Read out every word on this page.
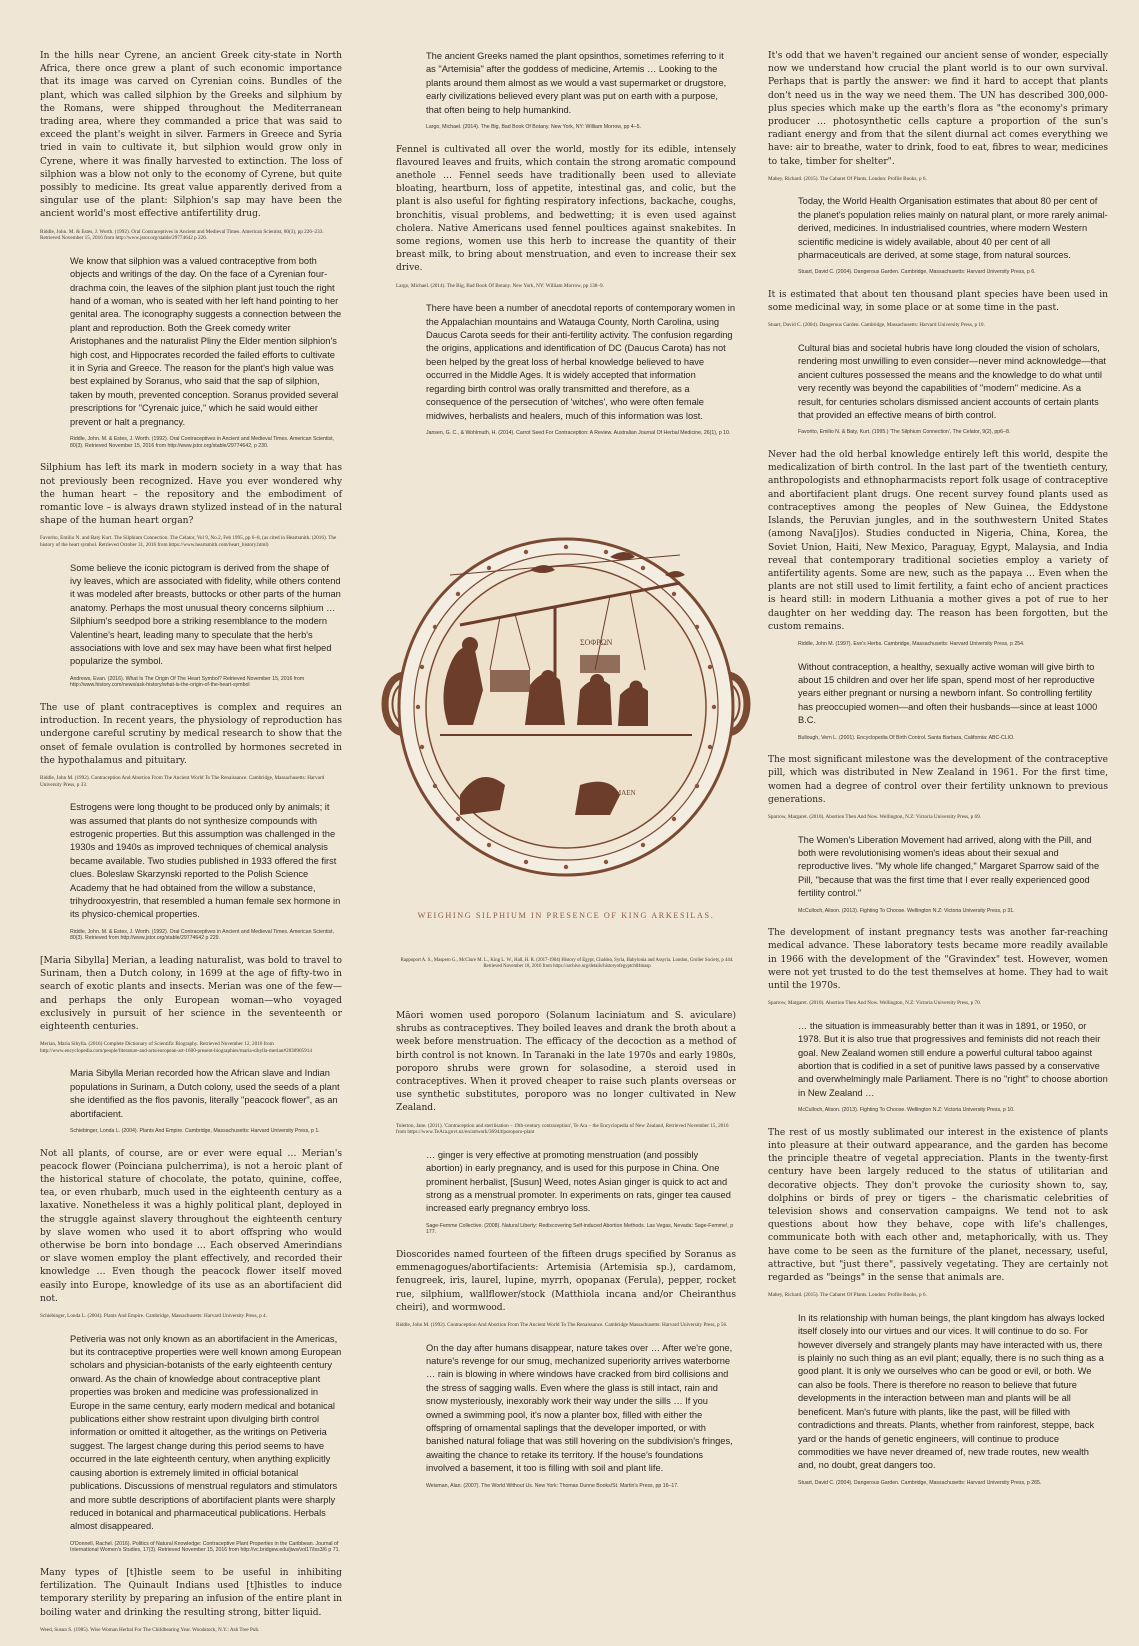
In the hills near Cyrene, an ancient Greek city-state in North Africa, there once grew a plant of such economic importance that its image was carved on Cyrenian coins. Bundles of the plant, which was called silphion by the Greeks and silphium by the Romans, were shipped throughout the Mediterranean trading area, where they commanded a price that was said to exceed the plant's weight in silver. Farmers in Greece and Syria tried in vain to cultivate it, but silphion would grow only in Cyrene, where it was finally harvested to extinction. The loss of silphion was a blow not only to the economy of Cyrene, but quite possibly to medicine. Its great value apparently derived from a singular use of the plant: Silphion's sap may have been the ancient world's most effective antifertility drug.

Riddle, John. M. & Estes, J. Worth. (1992). Oral Contraceptives in Ancient and Medieval Times. American Scientist, 80(3), pp 226–233. Retrieved November 15, 2016 from http://www.jstor.org/stable/29774642 p 226.

We know that silphion was a valued contraceptive from both objects and writings of the day. On the face of a Cyrenian four-drachma coin, the leaves of the silphion plant just touch the right hand of a woman, who is seated with her left hand pointing to her genital area. The iconography suggests a connection between the plant and reproduction. Both the Greek comedy writer Aristophanes and the naturalist Pliny the Elder mention silphion's high cost, and Hippocrates recorded the failed efforts to cultivate it in Syria and Greece. The reason for the plant's high value was best explained by Soranus, who said that the sap of silphion, taken by mouth, prevented conception. Soranus provided several prescriptions for "Cyrenaic juice," which he said would either prevent or halt a pregnancy.

Riddle, John. M. & Estes, J. Worth. (1992). Oral Contraceptives in Ancient and Medieval Times. American Scientist, 80(3). Retrieved November 15, 2016 from http://www.jstor.org/stable/29774642, p 230.

Silphium has left its mark in modern society in a way that has not previously been recognized. Have you ever wondered why the human heart – the repository and the embodiment of romantic love – is always drawn stylized instead of in the natural shape of the human heart organ?

Favorito, Emilio N. and Baty Kurt. The Silphium Connection. The Celator, Vol 9, No.2, Feb 1995, pp 6–8, (as cited in Heartsmith. (2016). The history of the heart symbol. Retrieved October 31, 2016 from https://www.heartsmith.com/heart_history.html)

Some believe the iconic pictogram is derived from the shape of ivy leaves, which are associated with fidelity, while others contend it was modeled after breasts, buttocks or other parts of the human anatomy. Perhaps the most unusual theory concerns silphium … Silphium's seedpod bore a striking resemblance to the modern Valentine's heart, leading many to speculate that the herb's associations with love and sex may have been what first helped popularize the symbol.

Andrews, Evan. (2016). What Is The Origin Of The Heart Symbol? Retrieved November 15, 2016 from http://www.history.com/news/ask-history/what-is-the-origin-of-the-heart-symbol

The use of plant contraceptives is complex and requires an introduction. In recent years, the physiology of reproduction has undergone careful scrutiny by medical research to show that the onset of female ovulation is controlled by hormones secreted in the hypothalamus and pituitary.

Riddle, John M. (1992). Contraception And Abortion From The Ancient World To The Renaissance. Cambridge, Massachusetts: Harvard University Press, p 33.

Estrogens were long thought to be produced only by animals; it was assumed that plants do not synthesize compounds with estrogenic properties. But this assumption was challenged in the 1930s and 1940s as improved techniques of chemical analysis became available. Two studies published in 1933 offered the first clues. Boleslaw Skarzynski reported to the Polish Science Academy that he had obtained from the willow a substance, trihydrooxyestrin, that resembled a human female sex hormone in its physico-chemical properties.

Riddle, John. M. & Estes, J. Worth. (1992). Oral Contraceptives in Ancient and Medieval Times. American Scientist, 80(3). Retrieved from http://www.jstor.org/stable/29774642 p 229.

[Maria Sibylla] Merian, a leading naturalist, was bold to travel to Surinam, then a Dutch colony, in 1699 at the age of fifty-two in search of exotic plants and insects. Merian was one of the few—and perhaps the only European woman—who voyaged exclusively in pursuit of her science in the seventeenth or eighteenth centuries.

Merian, Maria Sibylla. (2016) Complete Dictionary of Scientific Biography. Retrieved November 12, 2016 from http://www.encyclopedia.com/people/literature-and-arts/european-art-1600-present-biographies/maria-sibylla-merian#2830905914

Maria Sibylla Merian recorded how the African slave and Indian populations in Surinam, a Dutch colony, used the seeds of a plant she identified as the flos pavonis, literally "peacock flower", as an abortifacient.

Schiebinger, Londa L. (2004). Plants And Empire. Cambridge, Massachusetts: Harvard University Press, p 1.

Not all plants, of course, are or ever were equal … Merian's peacock flower (Poinciana pulcherrima), is not a heroic plant of the historical stature of chocolate, the potato, quinine, coffee, tea, or even rhubarb, much used in the eighteenth century as a laxative. Nonetheless it was a highly political plant, deployed in the struggle against slavery throughout the eighteenth century by slave women who used it to abort offspring who would otherwise be born into bondage … Each observed Amerindians or slave women employ the plant effectively, and recorded their knowledge … Even though the peacock flower itself moved easily into Europe, knowledge of its use as an abortifacient did not.

Schiebinger, Londa L. (2004). Plants And Empire. Cambridge, Massachusetts: Harvard University Press, p 4.

Petiveria was not only known as an abortifacient in the Americas, but its contraceptive properties were well known among European scholars and physician-botanists of the early eighteenth century onward. As the chain of knowledge about contraceptive plant properties was broken and medicine was professionalized in Europe in the same century, early modern medical and botanical publications either show restraint upon divulging birth control information or omitted it altogether, as the writings on Petiveria suggest. The largest change during this period seems to have occurred in the late eighteenth century, when anything explicitly causing abortion is extremely limited in official botanical publications. Discussions of menstrual regulators and stimulators and more subtle descriptions of abortifacient plants were sharply reduced in botanical and pharmaceutical publications. Herbals almost disappeared.

O'Donnell, Rachel. (2016). Politics of Natural Knowledge: Contraceptive Plant Properties in the Caribbean. Journal of International Women's Studies, 17(3). Retrieved November 15, 2016 from http://vc.bridgew.edu/jiws/vol17/iss3/6 p 71.

Many types of [t]histle seem to be useful in inhibiting fertilization. The Quinault Indians used [t]histles to induce temporary sterility by preparing an infusion of the entire plant in boiling water and drinking the resulting strong, bitter liquid.

Weed, Susun S. (1985). Wise Woman Herbal For The Childbearing Year. Woodstock, N.Y.: Ash Tree Pub.

The ancient Greeks named the plant opsinthos, sometimes referring to it as "Artemisia" after the goddess of medicine, Artemis … Looking to the plants around them almost as we would a vast supermarket or drugstore, early civilizations believed every plant was put on earth with a purpose, that often being to help humankind.

Largo, Michael. (2014). The Big, Bad Book Of Botany. New York, NY: William Morrow, pp 4–5.

Fennel is cultivated all over the world, mostly for its edible, intensely flavoured leaves and fruits, which contain the strong aromatic compound anethole … Fennel seeds have traditionally been used to alleviate bloating, heartburn, loss of appetite, intestinal gas, and colic, but the plant is also useful for fighting respiratory infections, backache, coughs, bronchitis, visual problems, and bedwetting; it is even used against cholera. Native Americans used fennel poultices against snakebites. In some regions, women use this herb to increase the quantity of their breast milk, to bring about menstruation, and even to increase their sex drive.

Largo, Michael. (2014). The Big, Bad Book Of Botany. New York, NY: William Morrow, pp 138–9.

There have been a number of anecdotal reports of contemporary women in the Appalachian mountains and Watauga County, North Carolina, using Daucus Carota seeds for their anti-fertility activity. The confusion regarding the origins, applications and identification of DC (Daucus Carota) has not been helped by the great loss of herbal knowledge believed to have occurred in the Middle Ages. It is widely accepted that information regarding birth control was orally transmitted and therefore, as a consequence of the persecution of 'witches', who were often female midwives, herbalists and healers, much of this information was lost.

Jansen, G. C., & Wohlmuth, H. (2014). Carrot Seed For Contraception: A Review. Australian Journal Of Herbal Medicine, 26(1), p 10.

ΣΟΦΡΩΝ
ΜΑΕΝ
WEIGHING SILPHIUM IN PRESENCE OF KING ARKESILAS.
Rappoport A. S., Maspero G., McClure M. L., King L. W., Hall, H. R. (2017-1904) History of Egypt, Chaldea, Syria, Babylonia and Assyria. London, Grolier Society, p 444. Retrieved November 18, 2016 from https://archive.org/details/historyofegyptch04masp

Māori women used poroporo (Solanum laciniatum and S. aviculare) shrubs as contraceptives. They boiled leaves and drank the broth about a week before menstruation. The efficacy of the decoction as a method of birth control is not known. In Taranaki in the late 1970s and early 1980s, poroporo shrubs were grown for solasodine, a steroid used in contraceptives. When it proved cheaper to raise such plants overseas or use synthetic substitutes, poroporo was no longer cultivated in New Zealand.

Tolerton, Jane. (2011). 'Contraception and sterilisation – 19th-century contraception', Te Ara – the Encyclopedia of New Zealand, Retrieved November 15, 2016 from https://www.TeAra.govt.nz/en/artwork/36944/poroporo-plant

… ginger is very effective at promoting menstruation (and possibly abortion) in early pregnancy, and is used for this purpose in China. One prominent herbalist, [Susun] Weed, notes Asian ginger is quick to act and strong as a menstrual promoter. In experiments on rats, ginger tea caused increased early pregnancy embryo loss.

Sage-Femme Collective. (2008). Natural Liberty: Rediscovering Self-induced Abortion Methods. Las Vegas, Nevada: Sage-Femme!, p 177.

Dioscorides named fourteen of the fifteen drugs specified by Soranus as emmenagogues/abortifacients: Artemisia (Artemisia sp.), cardamom, fenugreek, iris, laurel, lupine, myrrh, opopanax (Ferula), pepper, rocket rue, silphium, wallflower/stock (Matthiola incana and/or Cheiranthus cheiri), and wormwood.

Riddle, John M. (1992). Contraception And Abortion From The Ancient World To The Renaissance. Cambridge Massachusetts: Harvard University Press, p 56.

On the day after humans disappear, nature takes over … After we're gone, nature's revenge for our smug, mechanized superiority arrives waterborne … rain is blowing in where windows have cracked from bird collisions and the stress of sagging walls. Even where the glass is still intact, rain and snow mysteriously, inexorably work their way under the sills … If you owned a swimming pool, it's now a planter box, filled with either the offspring of ornamental saplings that the developer imported, or with banished natural foliage that was still hovering on the subdivision's fringes, awaiting the chance to retake its territory. If the house's foundations involved a basement, it too is filling with soil and plant life.

Weisman, Alan. (2007). The World Without Us. New York: Thomas Dunne Books/St. Martin's Press, pp 16–17.

It's odd that we haven't regained our ancient sense of wonder, especially now we understand how crucial the plant world is to our own survival. Perhaps that is partly the answer: we find it hard to accept that plants don't need us in the way we need them. The UN has described 300,000-plus species which make up the earth's flora as "the economy's primary producer … photosynthetic cells capture a proportion of the sun's radiant energy and from that the silent diurnal act comes everything we have: air to breathe, water to drink, food to eat, fibres to wear, medicines to take, timber for shelter".

Mabey, Richard. (2015). The Cabaret Of Plants. London: Profile Books, p 6.

Today, the World Health Organisation estimates that about 80 per cent of the planet's population relies mainly on natural plant, or more rarely animal-derived, medicines. In industrialised countries, where modern Western scientific medicine is widely available, about 40 per cent of all pharmaceuticals are derived, at some stage, from natural sources.

Stuart, David C. (2004). Dangerous Garden. Cambridge, Massachusetts: Harvard University Press, p 6.

It is estimated that about ten thousand plant species have been used in some medicinal way, in some place or at some time in the past.

Stuart, David C. (2004). Dangerous Garden. Cambridge, Massachusetts: Harvard University Press, p 10.

Cultural bias and societal hubris have long clouded the vision of scholars, rendering most unwilling to even consider—never mind acknowledge—that ancient cultures possessed the means and the knowledge to do what until very recently was beyond the capabilities of "modern" medicine. As a result, for centuries scholars dismissed ancient accounts of certain plants that provided an effective means of birth control.

Favorito, Emilio N. & Baty, Kurt. (1995.) 'The Silphium Connection', The Celator, 9(2), pp6–8.

Never had the old herbal knowledge entirely left this world, despite the medicalization of birth control. In the last part of the twentieth century, anthropologists and ethnopharmacists report folk usage of contraceptive and abortifacient plant drugs. One recent survey found plants used as contraceptives among the peoples of New Guinea, the Eddystone Islands, the Peruvian jungles, and in the southwestern United States (among Nava[j]os). Studies conducted in Nigeria, China, Korea, the Soviet Union, Haiti, New Mexico, Paraguay, Egypt, Malaysia, and India reveal that contemporary traditional societies employ a variety of antifertility agents. Some are new, such as the papaya … Even when the plants are not still used to limit fertility, a faint echo of ancient practices is heard still: in modern Lithuania a mother gives a pot of rue to her daughter on her wedding day. The reason has been forgotten, but the custom remains.

Riddle, John M. (1997). Eve's Herbs. Cambridge, Massachusetts: Harvard University Press, p 254.

Without contraception, a healthy, sexually active woman will give birth to about 15 children and over her life span, spend most of her reproductive years either pregnant or nursing a newborn infant. So controlling fertility has preoccupied women—and often their husbands—since at least 1000 B.C.

Bullough, Vern L. (2001). Encyclopedia Of Birth Control. Santa Barbara, California: ABC-CLIO.

The most significant milestone was the development of the contraceptive pill, which was distributed in New Zealand in 1961. For the first time, women had a degree of control over their fertility unknown to previous generations.

Sparrow, Margaret. (2010). Abortion Then And Now. Wellington, N.Z: Victoria University Press, p 69.

The Women's Liberation Movement had arrived, along with the Pill, and both were revolutionising women's ideas about their sexual and reproductive lives. "My whole life changed," Margaret Sparrow said of the Pill, "because that was the first time that I ever really experienced good fertility control."

McCulloch, Alison. (2013). Fighting To Choose. Wellington N.Z: Victoria University Press, p 31.

The development of instant pregnancy tests was another far-reaching medical advance. These laboratory tests became more readily available in 1966 with the development of the "Gravindex" test. However, women were not yet trusted to do the test themselves at home. They had to wait until the 1970s.

Sparrow, Margaret. (2010). Abortion Then And Now. Wellington, N.Z: Victoria University Press, p 70.

… the situation is immeasurably better than it was in 1891, or 1950, or 1978. But it is also true that progressives and feminists did not reach their goal. New Zealand women still endure a powerful cultural taboo against abortion that is codified in a set of punitive laws passed by a conservative and overwhelmingly male Parliament. There is no "right" to choose abortion in New Zealand …

McCulloch, Alison. (2013). Fighting To Choose. Wellington N.Z: Victoria University Press, p 10.

The rest of us mostly sublimated our interest in the existence of plants into pleasure at their outward appearance, and the garden has become the principle theatre of vegetal appreciation. Plants in the twenty-first century have been largely reduced to the status of utilitarian and decorative objects. They don't provoke the curiosity shown to, say, dolphins or birds of prey or tigers – the charismatic celebrities of television shows and conservation campaigns. We tend not to ask questions about how they behave, cope with life's challenges, communicate both with each other and, metaphorically, with us. They have come to be seen as the furniture of the planet, necessary, useful, attractive, but "just there", passively vegetating. They are certainly not regarded as "beings" in the sense that animals are.

Mabey, Richard. (2015). The Cabaret Of Plants. London: Profile Books, p 6.

In its relationship with human beings, the plant kingdom has always locked itself closely into our virtues and our vices. It will continue to do so. For however diversely and strangely plants may have interacted with us, there is plainly no such thing as an evil plant; equally, there is no such thing as a good plant. It is only we ourselves who can be good or evil, or both. We can also be fools. There is therefore no reason to believe that future developments in the interaction between man and plants will be all beneficent. Man's future with plants, like the past, will be filled with contradictions and threats. Plants, whether from rainforest, steppe, back yard or the hands of genetic engineers, will continue to produce commodities we have never dreamed of, new trade routes, new wealth and, no doubt, great dangers too.

Stuart, David C. (2004). Dangerous Garden. Cambridge, Massachusetts: Harvard University Press, p 265.
